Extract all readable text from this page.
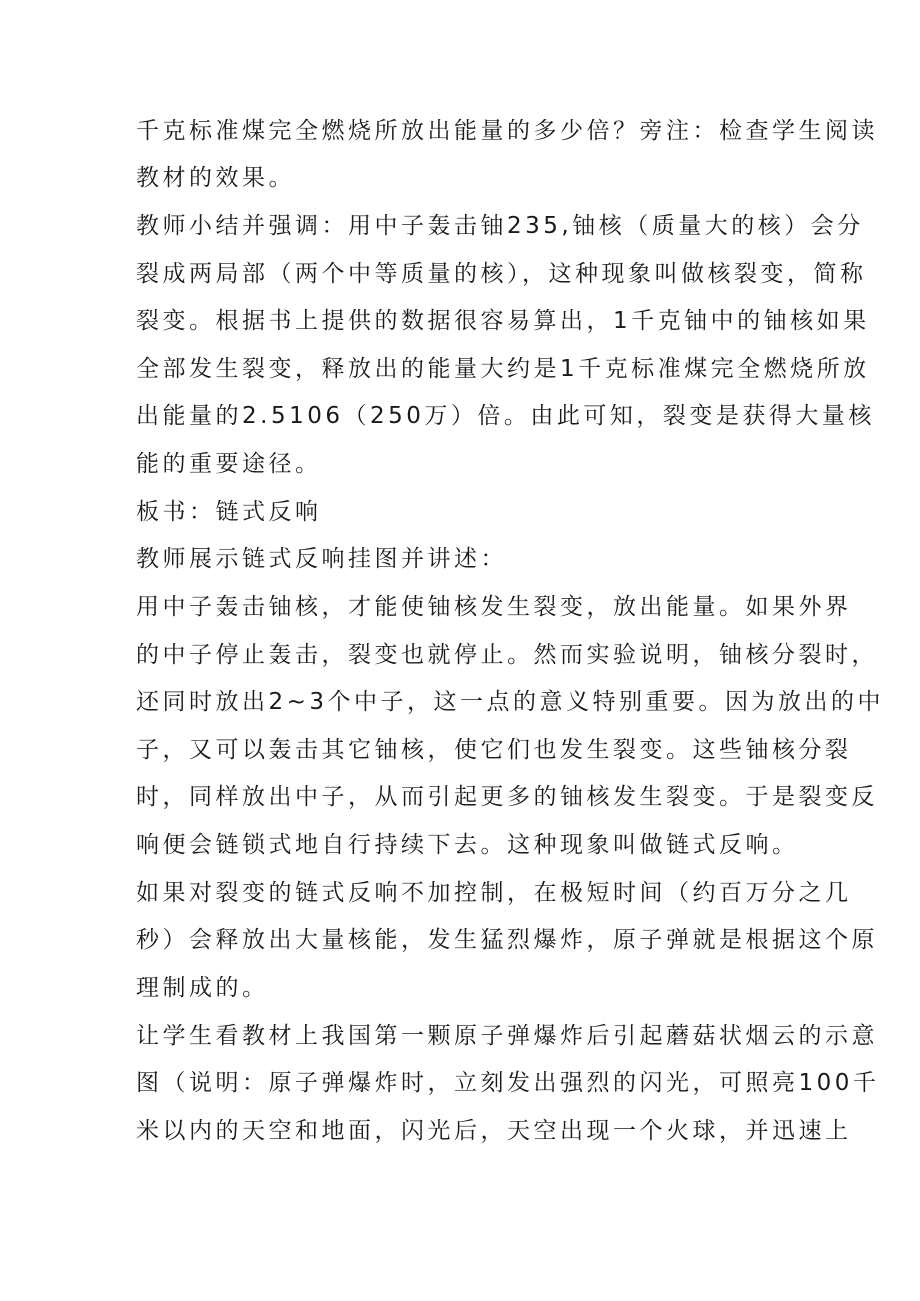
千克标准煤完全燃烧所放出能量的多少倍？旁注：检查学生阅读
教材的效果。
教师小结并强调：用中子轰击铀235,铀核（质量大的核）会分
裂成两局部（两个中等质量的核），这种现象叫做核裂变，简称
裂变。根据书上提供的数据很容易算出，1千克铀中的铀核如果
全部发生裂变，释放出的能量大约是1千克标准煤完全燃烧所放
出能量的2.5106（250万）倍。由此可知，裂变是获得大量核
能的重要途径。
板书：链式反响
教师展示链式反响挂图并讲述：
用中子轰击铀核，才能使铀核发生裂变，放出能量。如果外界
的中子停止轰击，裂变也就停止。然而实验说明，铀核分裂时，
还同时放出2~3个中子，这一点的意义特别重要。因为放出的中
子，又可以轰击其它铀核，使它们也发生裂变。这些铀核分裂
时，同样放出中子，从而引起更多的铀核发生裂变。于是裂变反
响便会链锁式地自行持续下去。这种现象叫做链式反响。
如果对裂变的链式反响不加控制，在极短时间（约百万分之几
秒）会释放出大量核能，发生猛烈爆炸，原子弹就是根据这个原
理制成的。
让学生看教材上我国第一颗原子弹爆炸后引起蘑菇状烟云的示意
图（说明：原子弹爆炸时，立刻发出强烈的闪光，可照亮100千
米以内的天空和地面，闪光后，天空出现一个火球，并迅速上
